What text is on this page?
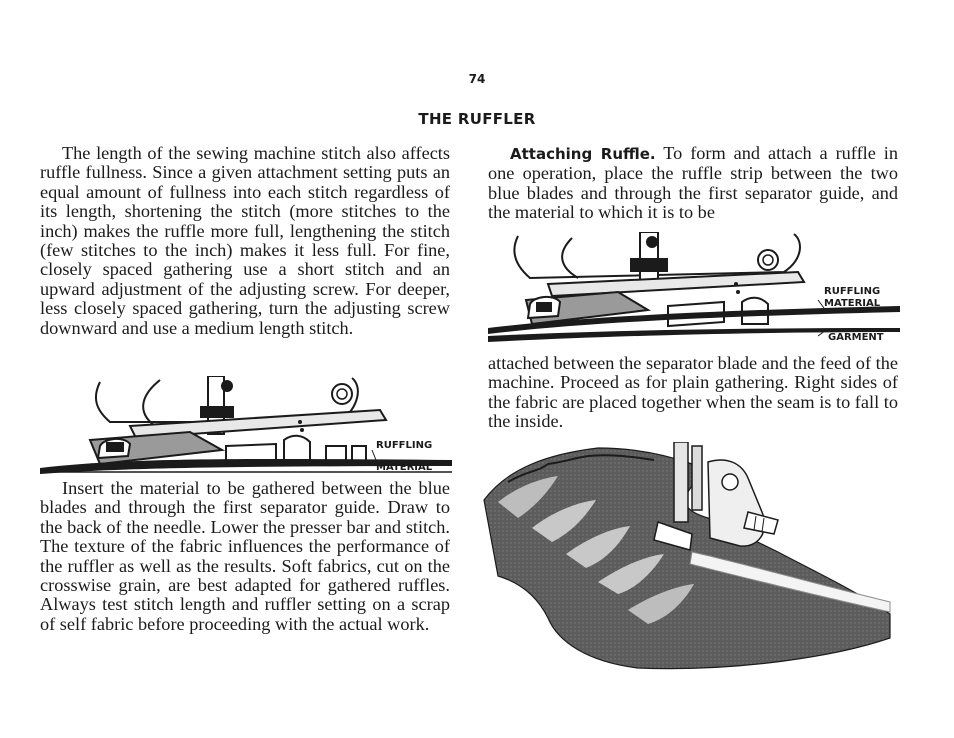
74
THE RUFFLER

The length of the sewing machine stitch also affects ruffle fullness. Since a given attachment setting puts an equal amount of fullness into each stitch regardless of its length, shortening the stitch (more stitches to the inch) makes the ruffle more full, lengthening the stitch (few stitches to the inch) makes it less full. For fine, closely spaced gathering use a short stitch and an upward adjustment of the adjusting screw. For deeper, less closely spaced gathering, turn the adjusting screw downward and use a medium length stitch.

RUFFLING
MATERIAL

Insert the material to be gathered between the blue blades and through the first separator guide. Draw to the back of the needle. Lower the presser bar and stitch. The texture of the fabric influences the performance of the ruffler as well as the results. Soft fabrics, cut on the crosswise grain, are best adapted for gathered ruffles. Always test stitch length and ruffler setting on a scrap of self fabric before proceeding with the actual work.

Attaching Ruffle. To form and attach a ruffle in one operation, place the ruffle strip between the two blue blades and through the first separator guide, and the material to which it is to be

RUFFLING
MATERIAL
GARMENT

attached between the separator blade and the feed of the machine. Proceed as for plain gathering. Right sides of the fabric are placed together when the seam is to fall to the inside.
